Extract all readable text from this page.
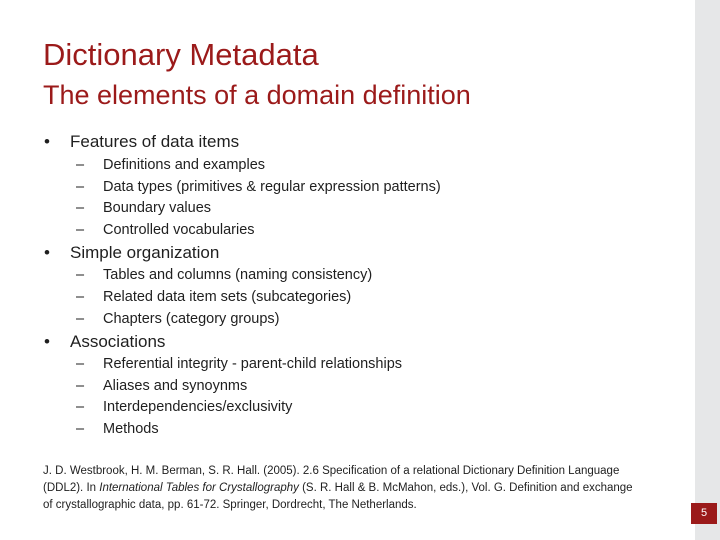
Dictionary Metadata
The elements of a domain definition
• Features of data items
– Definitions and examples
– Data types (primitives & regular expression patterns)
– Boundary values
– Controlled vocabularies
• Simple organization
– Tables and columns (naming consistency)
– Related data item sets (subcategories)
– Chapters (category groups)
• Associations
– Referential integrity - parent-child relationships
– Aliases and synoynms
– Interdependencies/exclusivity
– Methods
J. D. Westbrook, H. M. Berman, S. R. Hall. (2005). 2.6 Specification of a relational Dictionary Definition Language (DDL2). In International Tables for Crystallography (S. R. Hall & B. McMahon, eds.), Vol. G. Definition and exchange of crystallographic data, pp. 61-72. Springer, Dordrecht, The Netherlands.
5
